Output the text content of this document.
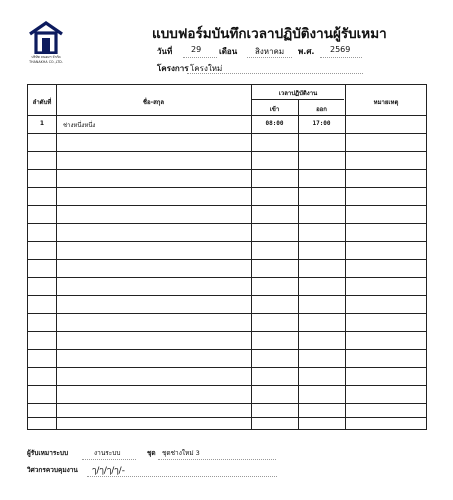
บริษัท ถนอมฯ จำกัด
THANAKHA CO.,LTD.
แบบฟอร์มบันทึกเวลาปฏิบัติงานผู้รับเหมา
วันที่ 29 เดือน สิงหาคม พ.ศ. 2569
โครงการ โครงใหม่
ลำดับที่	ชื่อ-สกุล
เวลาปฏิบัติงาน
เข้า	ออก
หมายเหตุ
1	ช่างหนึ่งหนึ่ง	08:00	17:00
ผู้รับเหมาระบบ	งานระบบ	ชุด ชุดช่างใหม่ 3
วิศวกรควบคุมงาน ๅ/ๅ/ๅ/ๅ/-
